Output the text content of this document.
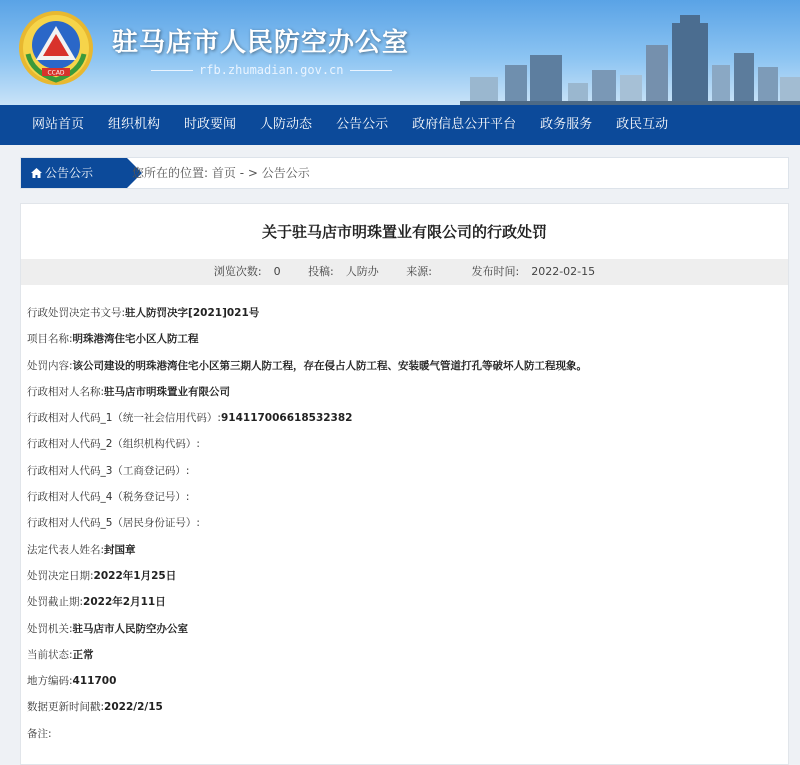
CCAD
驻马店市人民防空办公室
rfb.zhumadian.gov.cn
网站首页	组织机构	时政要闻	人防动态	公告公示	政府信息公开平台	政务服务	政民互动
公告公示	您所在的位置: 首页 - > 公告公示
关于驻马店市明珠置业有限公司的行政处罚
浏览次数: 0	投稿: 人防办	来源:	发布时间: 2022-02-15
行政处罚决定书文号:驻人防罚决字[2021]021号
项目名称:明珠港湾住宅小区人防工程
处罚内容:该公司建设的明珠港湾住宅小区第三期人防工程，存在侵占人防工程、安装暖气管道打孔等破坏人防工程现象。
行政相对人名称:驻马店市明珠置业有限公司
行政相对人代码_1（统一社会信用代码）:91411700661853​2382
行政相对人代码_2（组织机构代码）:
行政相对人代码_3（工商登记码）:
行政相对人代码_4（税务登记号）:
行政相对人代码_5（居民身份证号）:
法定代表人姓名:封国章
处罚决定日期:2022年1月25日
处罚截止期:2022年2月11日
处罚机关:驻马店市人民防空办公室
当前状态:正常
地方编码:411700
数据更新时间戳:2022/2/15
备注:
